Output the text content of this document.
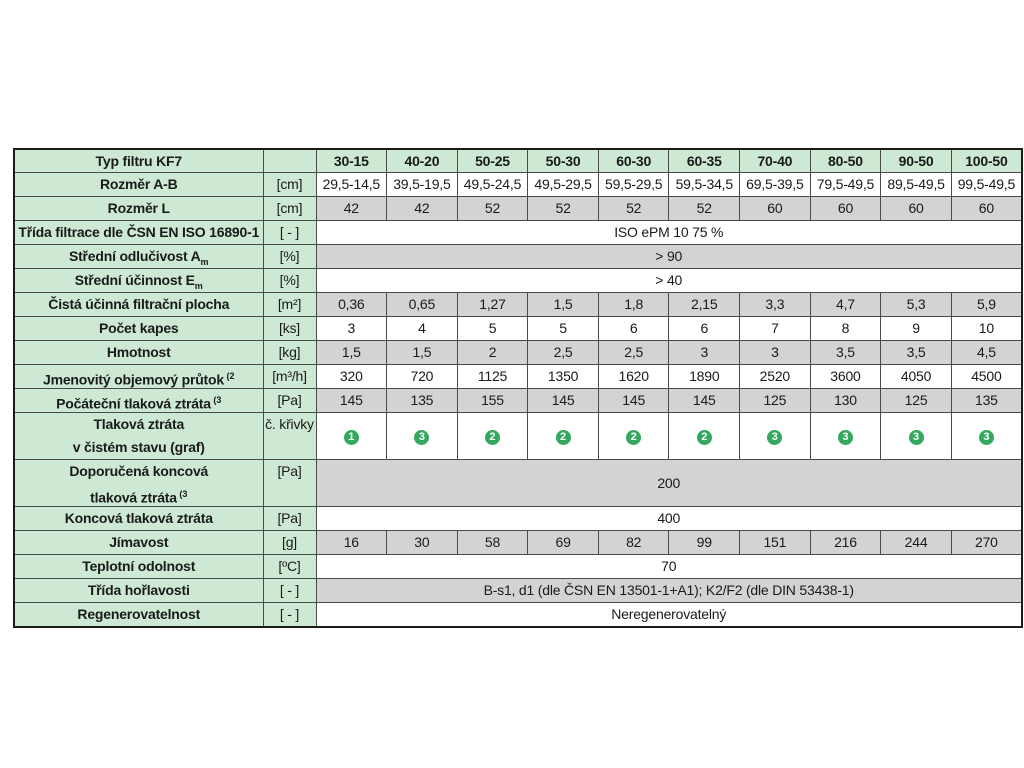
Typ filtru KF7		30-15	40-20	50-25	50-30	60-30	60-35	70-40	80-50	90-50	100-50

Rozměr A-B	[cm]	29,5-14,5	39,5-19,5	49,5-24,5	49,5-29,5	59,5-29,5	59,5-34,5	69,5-39,5	79,5-49,5	89,5-49,5	99,5-49,5

Rozměr L	[cm]	42	42	52	52	52	52	60	60	60	60

Třída filtrace dle ČSN EN ISO 16890-1	[ - ]	ISO ePM 10 75 %									

Střední odlučivost $A_m$	[%]	> 90									

Střední účinnost $E_m$	[%]	> 40									

Čistá účinná filtrační plocha	[m²]	0,36	0,65	1,27	1,5	1,8	2,15	3,3	4,7	5,3	5,9

Počet kapes	[ks]	3	4	5	5	6	6	7	8	9	10

Hmotnost	[kg]	1,5	1,5	2	2,5	2,5	3	3	3,5	3,5	4,5

Jmenovitý objemový průtok $^{(2}$	[m³/h]	320	720	1125	1350	1620	1890	2520	3600	4050	4500

Počáteční tlaková ztráta $^{(3}$	[Pa]	145	135	155	145	145	145	125	130	125	135

Tlaková ztráta
v čistém stavu (graf)	č. křivky	1	3	2	2	2	2	3	3	3	3

Doporučená koncová
tlaková ztráta $^{(3}$	[Pa]	200									

Koncová tlaková ztráta	[Pa]	400									

Jímavost	[g]	16	30	58	69	82	99	151	216	244	270

Teplotní odolnost	[ºC]	70									

Třída hořlavosti	[ - ]	B-s1, d1 (dle ČSN EN 13501-1+A1); K2/F2 (dle DIN 53438-1)									

Regenerovatelnost	[ - ]	Neregenerovatelný									
